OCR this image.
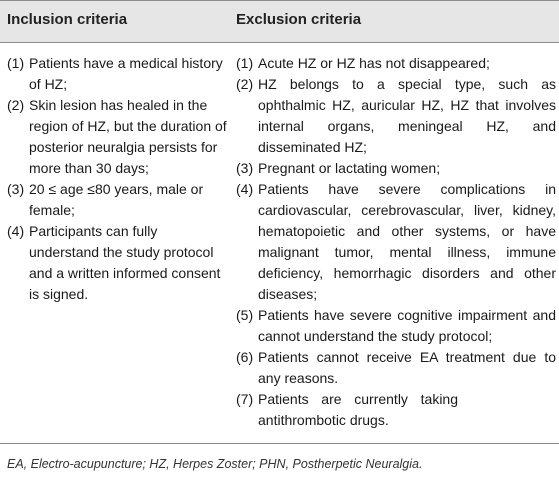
Inclusion criteria	Exclusion criteria
(1) Patients have a medical history of HZ;
(2) Skin lesion has healed in the region of HZ, but the duration of posterior neuralgia persists for more than 30 days;
(3) 20 ≤ age ≤80 years, male or female;
(4) Participants can fully understand the study protocol and a written informed consent is signed.
(1) Acute HZ or HZ has not disappeared;
(2) HZ belongs to a special type, such as ophthalmic HZ, auricular HZ, HZ that involves internal organs, meningeal HZ, and disseminated HZ;
(3) Pregnant or lactating women;
(4) Patients have severe complications in cardiovascular, cerebrovascular, liver, kidney, hematopoietic and other systems, or have malignant tumor, mental illness, immune deficiency, hemorrhagic disorders and other diseases;
(5) Patients have severe cognitive impairment and cannot understand the study protocol;
(6) Patients cannot receive EA treatment due to any reasons.
(7) Patients are currently taking antithrombotic drugs.
EA, Electro-acupuncture; HZ, Herpes Zoster; PHN, Postherpetic Neuralgia.
